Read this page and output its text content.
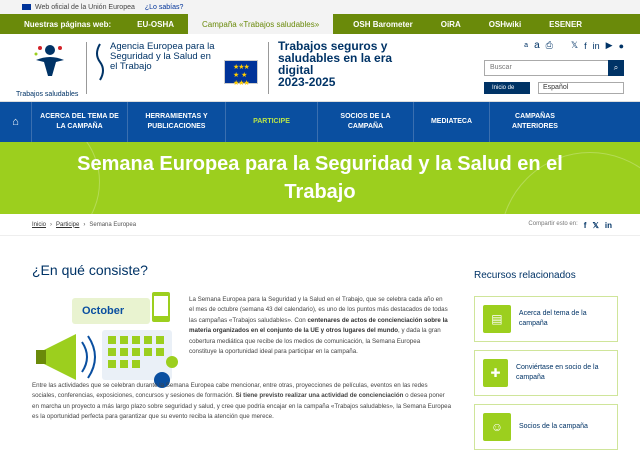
Web oficial de la Unión Europea ¿Lo sabías?
Nuestras páginas web:	EU-OSHA	Campaña «Trabajos saludables»	OSH Barometer	OiRA	OSHwiki	ESENER
Trabajos saludables
Agencia Europea para la Seguridad y la Salud en el Trabajo	★★★
★   ★
★★★
Trabajos seguros y saludables en la era digital
2023-2025
a a ⎙ 𝕏 f in ▶ ●
Buscar	⌕
Inicio de	Español
⌂	ACERCA DEL TEMA DE LA CAMPAÑA
HERRAMIENTAS Y PUBLICACIONES
PARTICIPE
SOCIOS DE LA CAMPAÑA
MEDIATECA
CAMPAÑAS ANTERIORES
Semana Europea para la Seguridad y la Salud en el Trabajo
Inicio › Participe › Semana Europea	Compartir esto en: f 𝕏 in
¿En qué consiste?
October
La Semana Europea para la Seguridad y la Salud en el Trabajo, que se celebra cada año en el mes de octubre (semana 43 del calendario), es uno de los puntos más destacados de todas las campañas «Trabajos saludables». Con centenares de actos de concienciación sobre la materia organizados en el conjunto de la UE y otros lugares del mundo, y dada la gran cobertura mediática que recibe de los medios de comunicación, la Semana Europea constituye la oportunidad ideal para participar en la campaña.
Entre las actividades que se celebran durante la Semana Europea cabe mencionar, entre otras, proyecciones de películas, eventos en las redes sociales, conferencias, exposiciones, concursos y sesiones de formación. Si tiene previsto realizar una actividad de concienciación o desea poner en marcha un proyecto a más largo plazo sobre seguridad y salud, y cree que podría encajar en la campaña «Trabajos saludables», la Semana Europea es la oportunidad perfecta para garantizar que su evento reciba la atención que merece.
Recursos relacionados
▤	Acerca del tema de la campaña
✚	Conviértase en socio de la campaña
☺	Socios de la campaña
